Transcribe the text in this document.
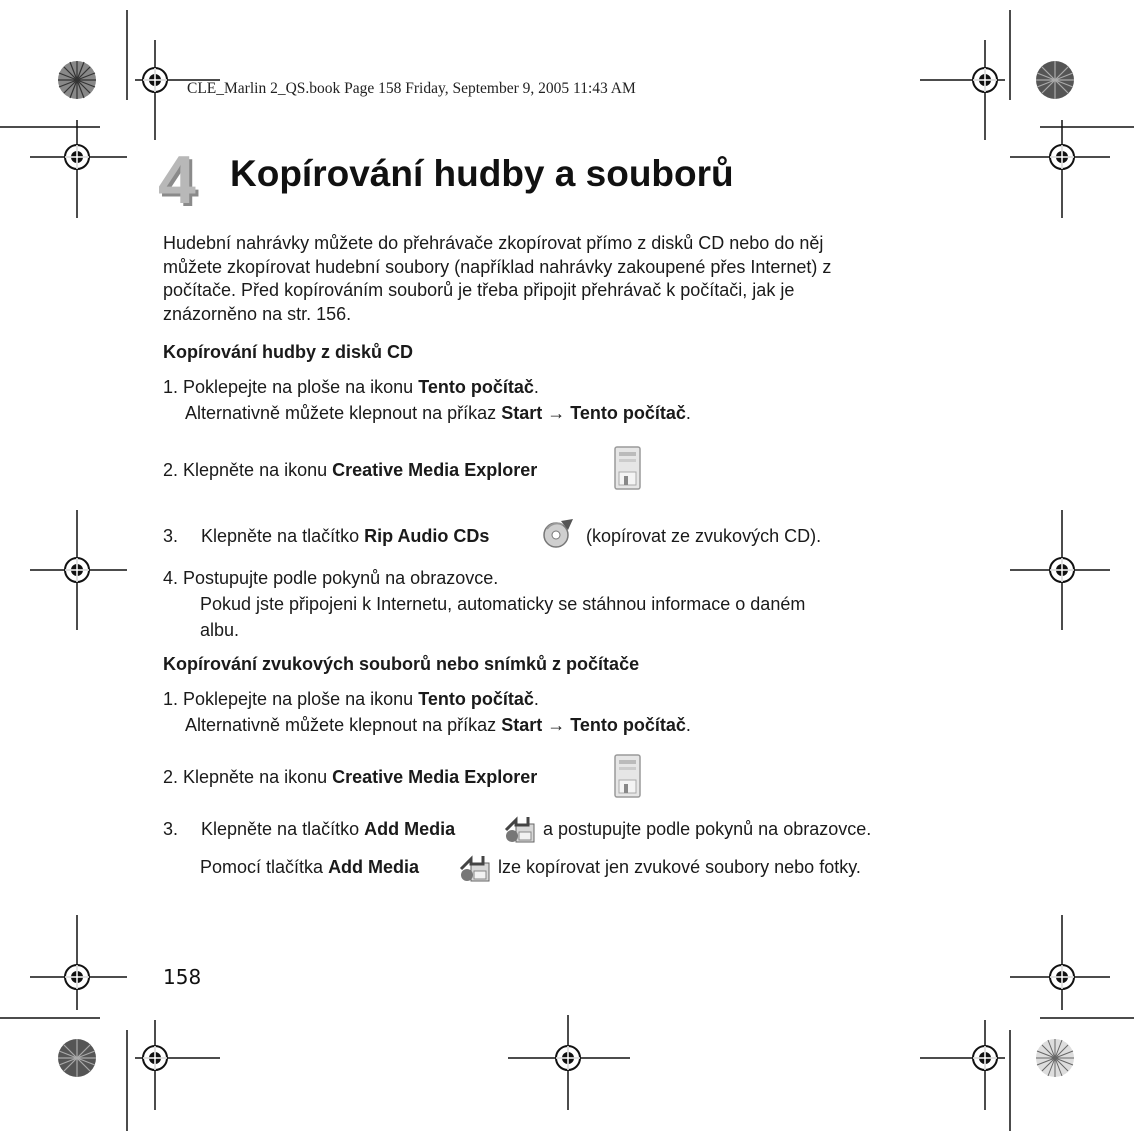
CLE_Marlin 2_QS.book Page 158 Friday, September 9, 2005 11:43 AM
4 Kopírování hudby a souborů
Hudební nahrávky můžete do přehrávače zkopírovat přímo z disků CD nebo do něj
můžete zkopírovat hudební soubory (například nahrávky zakoupené přes Internet) z
počítače. Před kopírováním souborů je třeba připojit přehrávač k počítači, jak je
znázorněno na str. 156.
Kopírování hudby z disků CD
1. Poklepejte na ploše na ikonu Tento počítač.
Alternativně můžete klepnout na příkaz Start → Tento počítač.
2. Klepněte na ikonu Creative Media Explorer
3. Klepněte na tlačítko Rip Audio CDs	(kopírovat ze zvukových CD).
4. Postupujte podle pokynů na obrazovce.
Pokud jste připojeni k Internetu, automaticky se stáhnou informace o daném
albu.
Kopírování zvukových souborů nebo snímků z počítače
1. Poklepejte na ploše na ikonu Tento počítač.
Alternativně můžete klepnout na příkaz Start → Tento počítač.
2. Klepněte na ikonu Creative Media Explorer
3. Klepněte na tlačítko Add Media	a postupujte podle pokynů na obrazovce.
Pomocí tlačítka Add Media	lze kopírovat jen zvukové soubory nebo fotky.
158
